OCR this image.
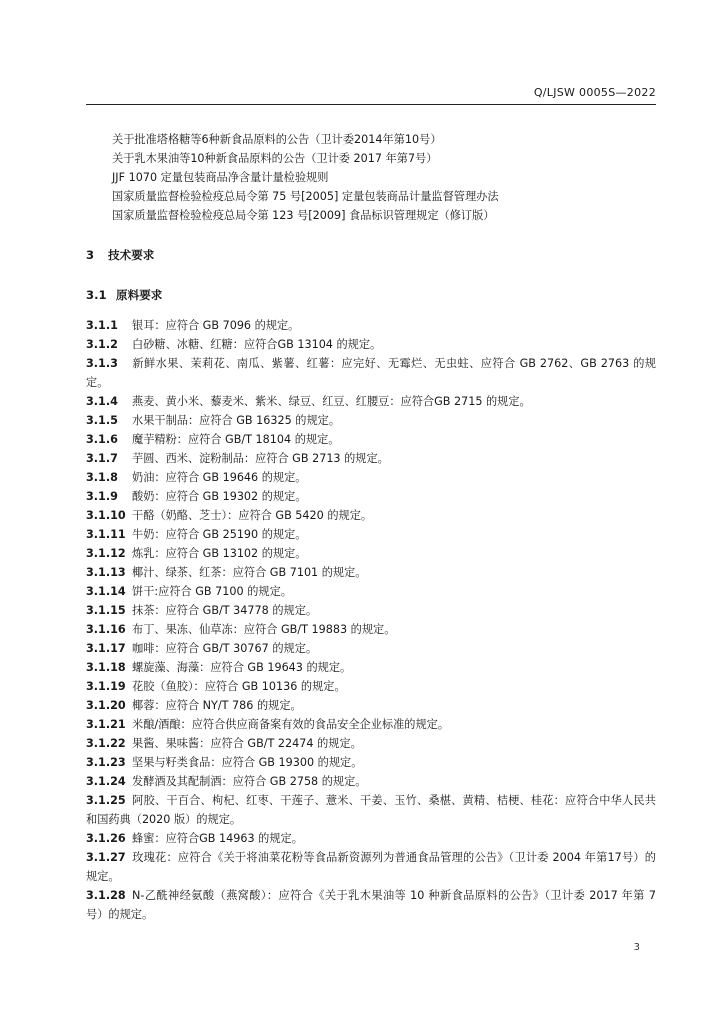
Q/LJSW 0005S—2022
关于批准塔格糖等6种新食品原料的公告（卫计委2014年第10号）
关于乳木果油等10种新食品原料的公告（卫计委 2017 年第7号）
JJF 1070 定量包装商品净含量计量检验规则
国家质量监督检验检疫总局令第 75 号[2005] 定量包装商品计量监督管理办法
国家质量监督检验检疫总局令第 123 号[2009] 食品标识管理规定（修订版）
3 技术要求
3.1 原料要求
3.1.1 银耳：应符合 GB 7096 的规定。
3.1.2 白砂糖、冰糖、红糖：应符合GB 13104 的规定。
3.1.3 新鲜水果、茉莉花、南瓜、紫薯、红薯：应完好、无霉烂、无虫蛀、应符合 GB 2762、GB 2763 的规定。
3.1.4 燕麦、黄小米、藜麦米、紫米、绿豆、红豆、红腰豆：应符合GB 2715 的规定。
3.1.5 水果干制品：应符合 GB 16325 的规定。
3.1.6 魔芋精粉：应符合 GB/T 18104 的规定。
3.1.7 芋圆、西米、淀粉制品：应符合 GB 2713 的规定。
3.1.8 奶油：应符合 GB 19646 的规定。
3.1.9 酸奶：应符合 GB 19302 的规定。
3.1.10 干酪（奶酪、芝士）：应符合 GB 5420 的规定。
3.1.11 牛奶：应符合 GB 25190 的规定。
3.1.12 炼乳：应符合 GB 13102 的规定。
3.1.13 椰汁、绿茶、红茶：应符合 GB 7101 的规定。
3.1.14 饼干:应符合 GB 7100 的规定。
3.1.15 抹茶：应符合 GB/T 34778 的规定。
3.1.16 布丁、果冻、仙草冻：应符合 GB/T 19883 的规定。
3.1.17 咖啡：应符合 GB/T 30767 的规定。
3.1.18 螺旋藻、海藻：应符合 GB 19643 的规定。
3.1.19 花胶（鱼胶）：应符合 GB 10136 的规定。
3.1.20 椰蓉：应符合 NY/T 786 的规定。
3.1.21 米酿/酒酿：应符合供应商备案有效的食品安全企业标准的规定。
3.1.22 果酱、果味酱：应符合 GB/T 22474 的规定。
3.1.23 坚果与籽类食品：应符合 GB 19300 的规定。
3.1.24 发酵酒及其配制酒：应符合 GB 2758 的规定。
3.1.25 阿胶、干百合、枸杞、红枣、干莲子、薏米、干姜、玉竹、桑椹、黄精、桔梗、桂花：应符合中华人民共和国药典（2020 版）的规定。
3.1.26 蜂蜜：应符合GB 14963 的规定。
3.1.27 玫瑰花：应符合《关于将油菜花粉等食品新资源列为普通食品管理的公告》（卫计委 2004 年第17号）的规定。
3.1.28 N-乙酰神经氨酸（燕窝酸）：应符合《关于乳木果油等 10 种新食品原料的公告》（卫计委 2017 年第 7 号）的规定。
3
